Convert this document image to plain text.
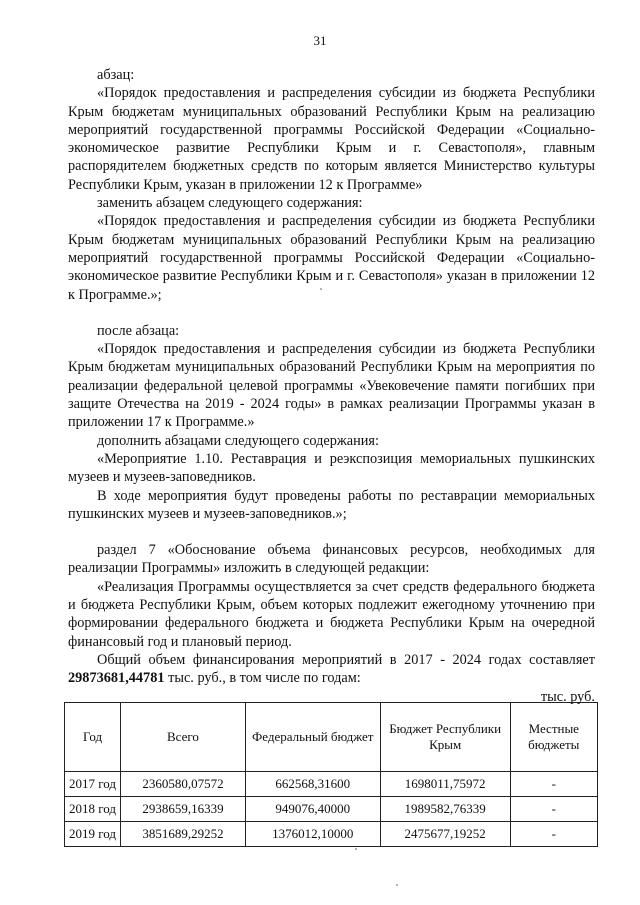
31

абзац:

«Порядок предоставления и распределения субсидии из бюджета Республики Крым бюджетам муниципальных образований Республики Крым на реализацию мероприятий государственной программы Российской Федерации «Социально-экономическое развитие Республики Крым и г. Севастополя», главным распорядителем бюджетных средств по которым является Министерство культуры Республики Крым, указан в приложении 12 к Программе»

заменить абзацем следующего содержания:

«Порядок предоставления и распределения субсидии из бюджета Республики Крым бюджетам муниципальных образований Республики Крым на реализацию мероприятий государственной программы Российской Федерации «Социально-экономическое развитие Республики Крым и г. Севастополя» указан в приложении 12 к Программе.»;

после абзаца:

«Порядок предоставления и распределения субсидии из бюджета Республики Крым бюджетам муниципальных образований Республики Крым на мероприятия по реализации федеральной целевой программы «Увековечение памяти погибших при защите Отечества на 2019 - 2024 годы» в рамках реализации Программы указан в приложении 17 к Программе.»

дополнить абзацами следующего содержания:

«Мероприятие 1.10. Реставрация и реэкспозиция мемориальных пушкинских музеев и музеев-заповедников.

В ходе мероприятия будут проведены работы по реставрации мемориальных пушкинских музеев и музеев-заповедников.»;

раздел 7 «Обоснование объема финансовых ресурсов, необходимых для реализации Программы» изложить в следующей редакции:

«Реализация Программы осуществляется за счет средств федерального бюджета и бюджета Республики Крым, объем которых подлежит ежегодному уточнению при формировании федерального бюджета и бюджета Республики Крым на очередной финансовый год и плановый период.

Общий объем финансирования мероприятий в 2017 - 2024 годах составляет 29873681,44781 тыс. руб., в том числе по годам:

тыс. руб.

Год	Всего	Федеральный бюджет	Бюджет Республики Крым	Местные бюджеты
2017 год	2360580,07572	662568,31600	1698011,75972	-
2018 год	2938659,16339	949076,40000	1989582,76339	-
2019 год	3851689,29252	1376012,10000	2475677,19252	-
